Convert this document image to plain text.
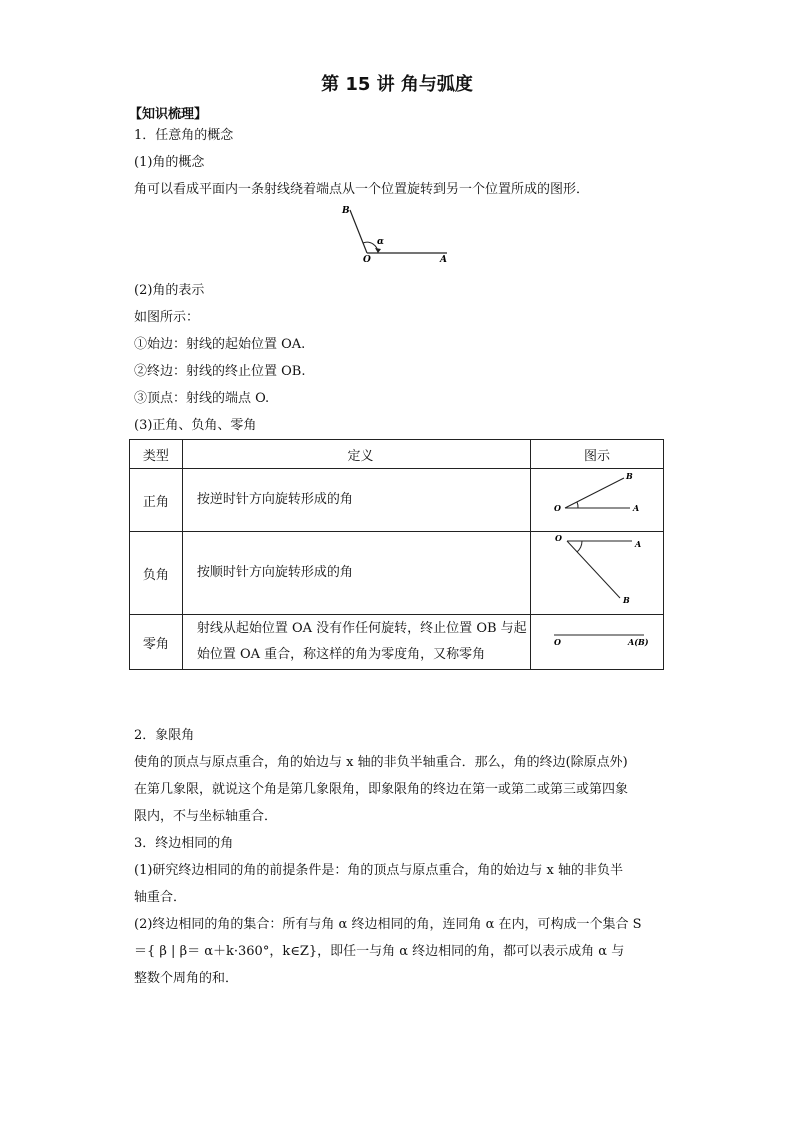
第 15 讲 角与弧度
【知识梳理】
1．任意角的概念
(1)角的概念
角可以看成平面内一条射线绕着端点从一个位置旋转到另一个位置所成的图形．
B
O	A
α
(2)角的表示
如图所示：
①始边：射线的起始位置 OA.
②终边：射线的终止位置 OB.
③顶点：射线的端点 O.
(3)正角、负角、零角
类型	定义	图示
正角	按逆时针方向旋转形成的角	O A
B

负角	按顺时针方向旋转形成的角	O
A
B

零角	射线从起始位置 OA 没有作任何旋转，终止位置 OB 与起
始位置 OA 重合，称这样的角为零度角，又称零角	O A(B)
2．象限角
使角的顶点与原点重合，角的始边与 x 轴的非负半轴重合．那么，角的终边(除原点外)
在第几象限，就说这个角是第几象限角，即象限角的终边在第一或第二或第三或第四象
限内，不与坐标轴重合．
3．终边相同的角
(1)研究终边相同的角的前提条件是：角的顶点与原点重合，角的始边与 x 轴的非负半
轴重合．
(2)终边相同的角的集合：所有与角 α 终边相同的角，连同角 α 在内，可构成一个集合 S
＝{ β | β＝ α＋k·360°，k∈Z}，即任一与角 α 终边相同的角，都可以表示成角 α 与
整数个周角的和．
